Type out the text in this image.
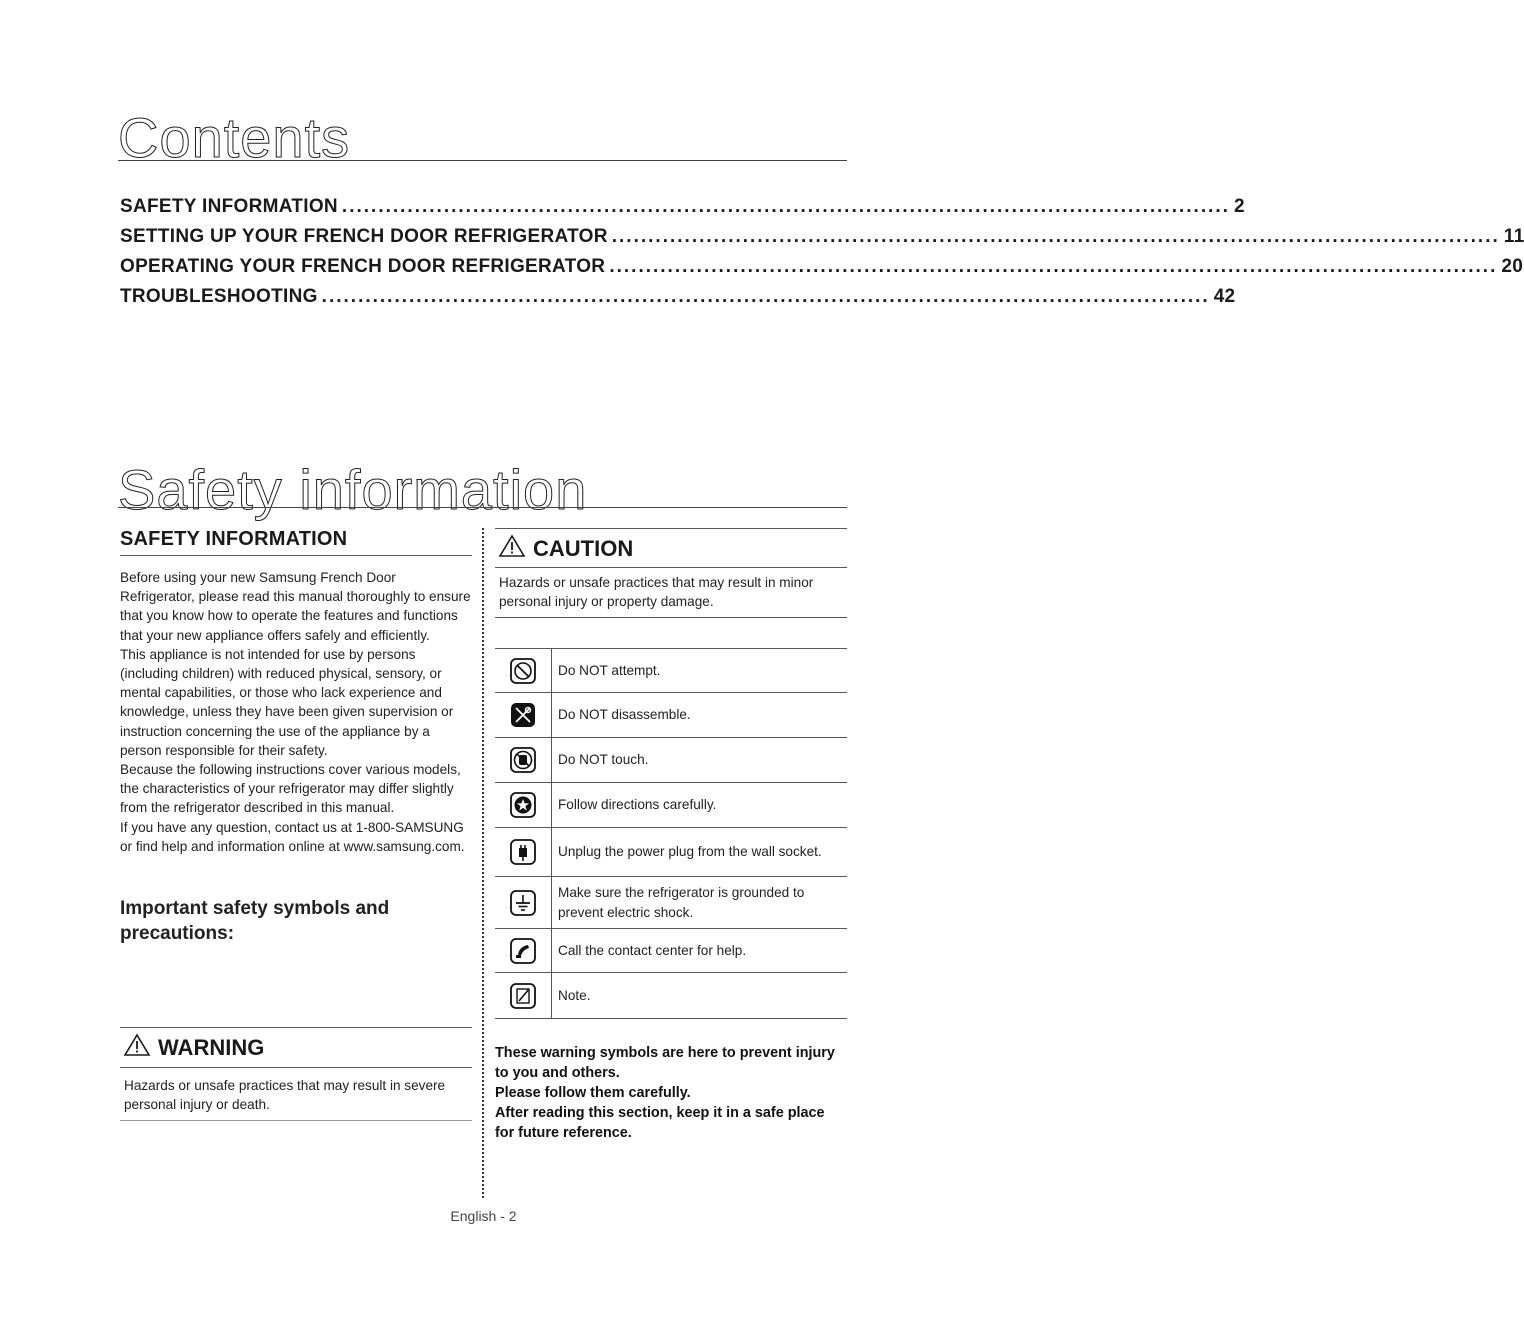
Contents
SAFETY INFORMATION .......................................................................................................................... 2
SETTING UP YOUR FRENCH DOOR REFRIGERATOR .......................................................................................................................... 11
OPERATING YOUR FRENCH DOOR REFRIGERATOR .......................................................................................................................... 20
TROUBLESHOOTING .......................................................................................................................... 42
Safety information
SAFETY INFORMATION

Before using your new Samsung French Door Refrigerator, please read this manual thoroughly to ensure that you know how to operate the features and functions that your new appliance offers safely and efficiently.

This appliance is not intended for use by persons (including children) with reduced physical, sensory, or mental capabilities, or those who lack experience and knowledge, unless they have been given supervision or instruction concerning the use of the appliance by a person responsible for their safety.

Because the following instructions cover various models, the characteristics of your refrigerator may differ slightly from the refrigerator described in this manual.

If you have any question, contact us at 1-800-SAMSUNG or find help and information online at www.samsung.com.

Important safety symbols and precautions:
WARNING
Hazards or unsafe practices that may result in severe personal injury or death.
CAUTION
Hazards or unsafe practices that may result in minor personal injury or property damage.
Do NOT attempt.
Do NOT disassemble.
Do NOT touch.
Follow directions carefully.
Unplug the power plug from the wall socket.
Make sure the refrigerator is grounded to prevent electric shock.
Call the contact center for help.
Note.

These warning symbols are here to prevent injury to you and others.

Please follow them carefully.

After reading this section, keep it in a safe place for future reference.

English - 2
